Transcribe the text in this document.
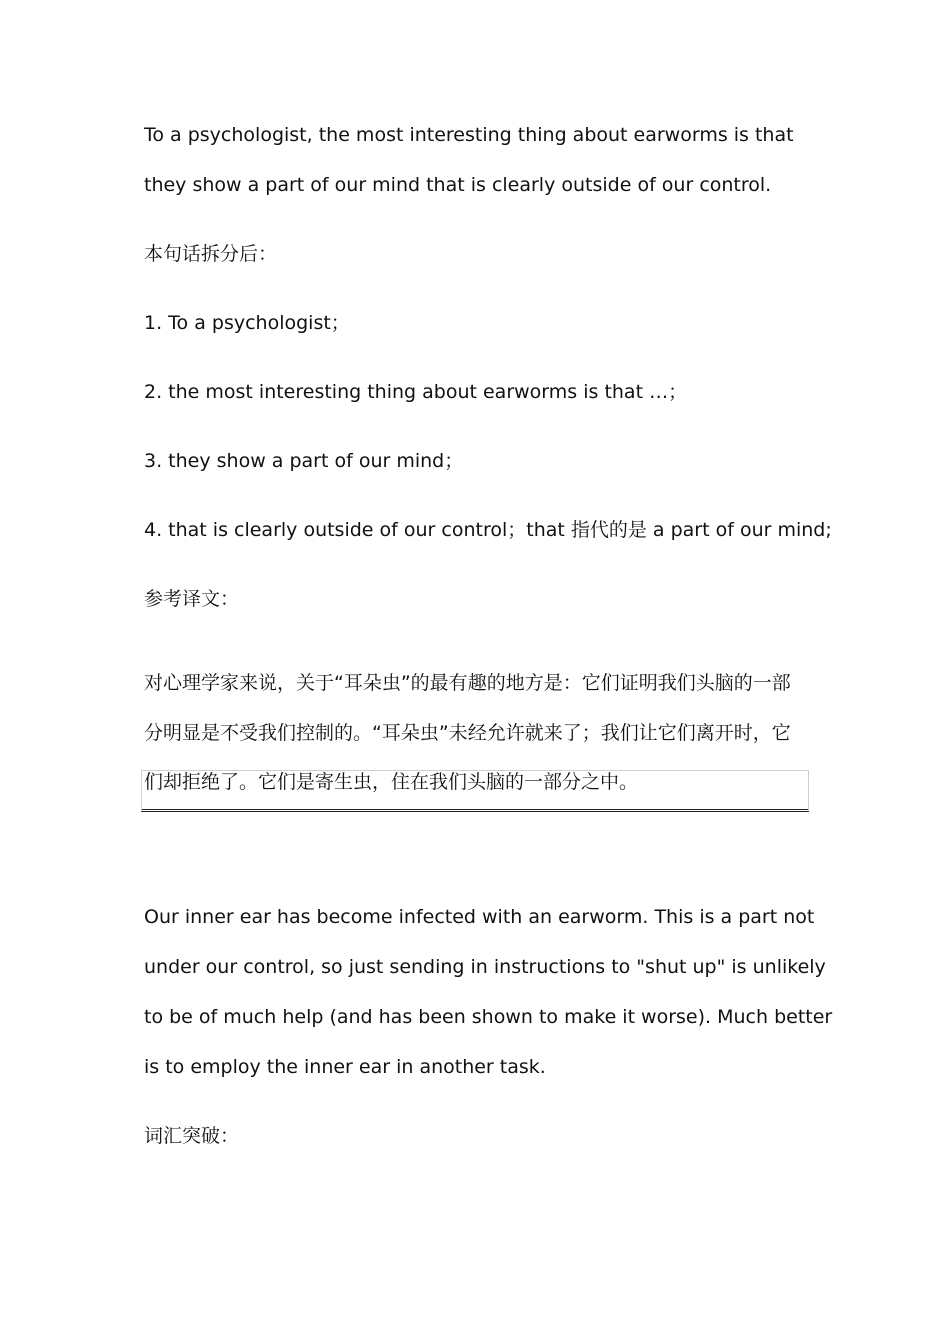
To a psychologist, the most interesting thing about earworms is that
they show a part of our mind that is clearly outside of our control.
本句话拆分后：
1. To a psychologist；
2. the most interesting thing about earworms is that …；
3. they show a part of our mind；
4. that is clearly outside of our control；that 指代的是 a part of our mind;
参考译文：
对心理学家来说，关于“耳朵虫”的最有趣的地方是：它们证明我们头脑的一部
分明显是不受我们控制的。“耳朵虫”未经允许就来了；我们让它们离开时，它
们却拒绝了。它们是寄生虫，住在我们头脑的一部分之中。
Our inner ear has become infected with an earworm. This is a part not
under our control, so just sending in instructions to "shut up" is unlikely
to be of much help (and has been shown to make it worse). Much better
is to employ the inner ear in another task.
词汇突破：
